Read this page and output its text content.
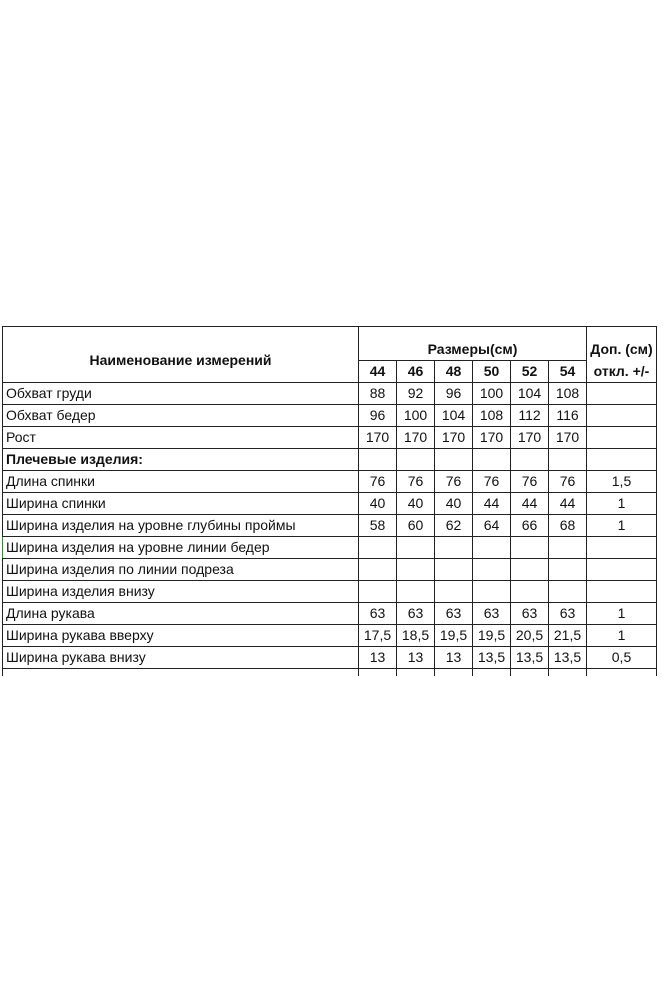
Наименование измерений	Размеры(см)						Доп. (см)
	44	46	48	50	52	54	откл. +/-
Обхват груди	88	92	96	100	104	108	
Обхват бедер	96	100	104	108	112	116	
Рост	170	170	170	170	170	170	
Плечевые изделия:							
Длина спинки	76	76	76	76	76	76	1,5
Ширина спинки	40	40	40	44	44	44	1
Ширина изделия на уровне глубины проймы	58	60	62	64	66	68	1
Ширина изделия на уровне линии бедер							
Ширина изделия по линии подреза							
Ширина изделия внизу							
Длина рукава	63	63	63	63	63	63	1
Ширина рукава вверху	17,5	18,5	19,5	19,5	20,5	21,5	1
Ширина рукава внизу	13	13	13	13,5	13,5	13,5	0,5
